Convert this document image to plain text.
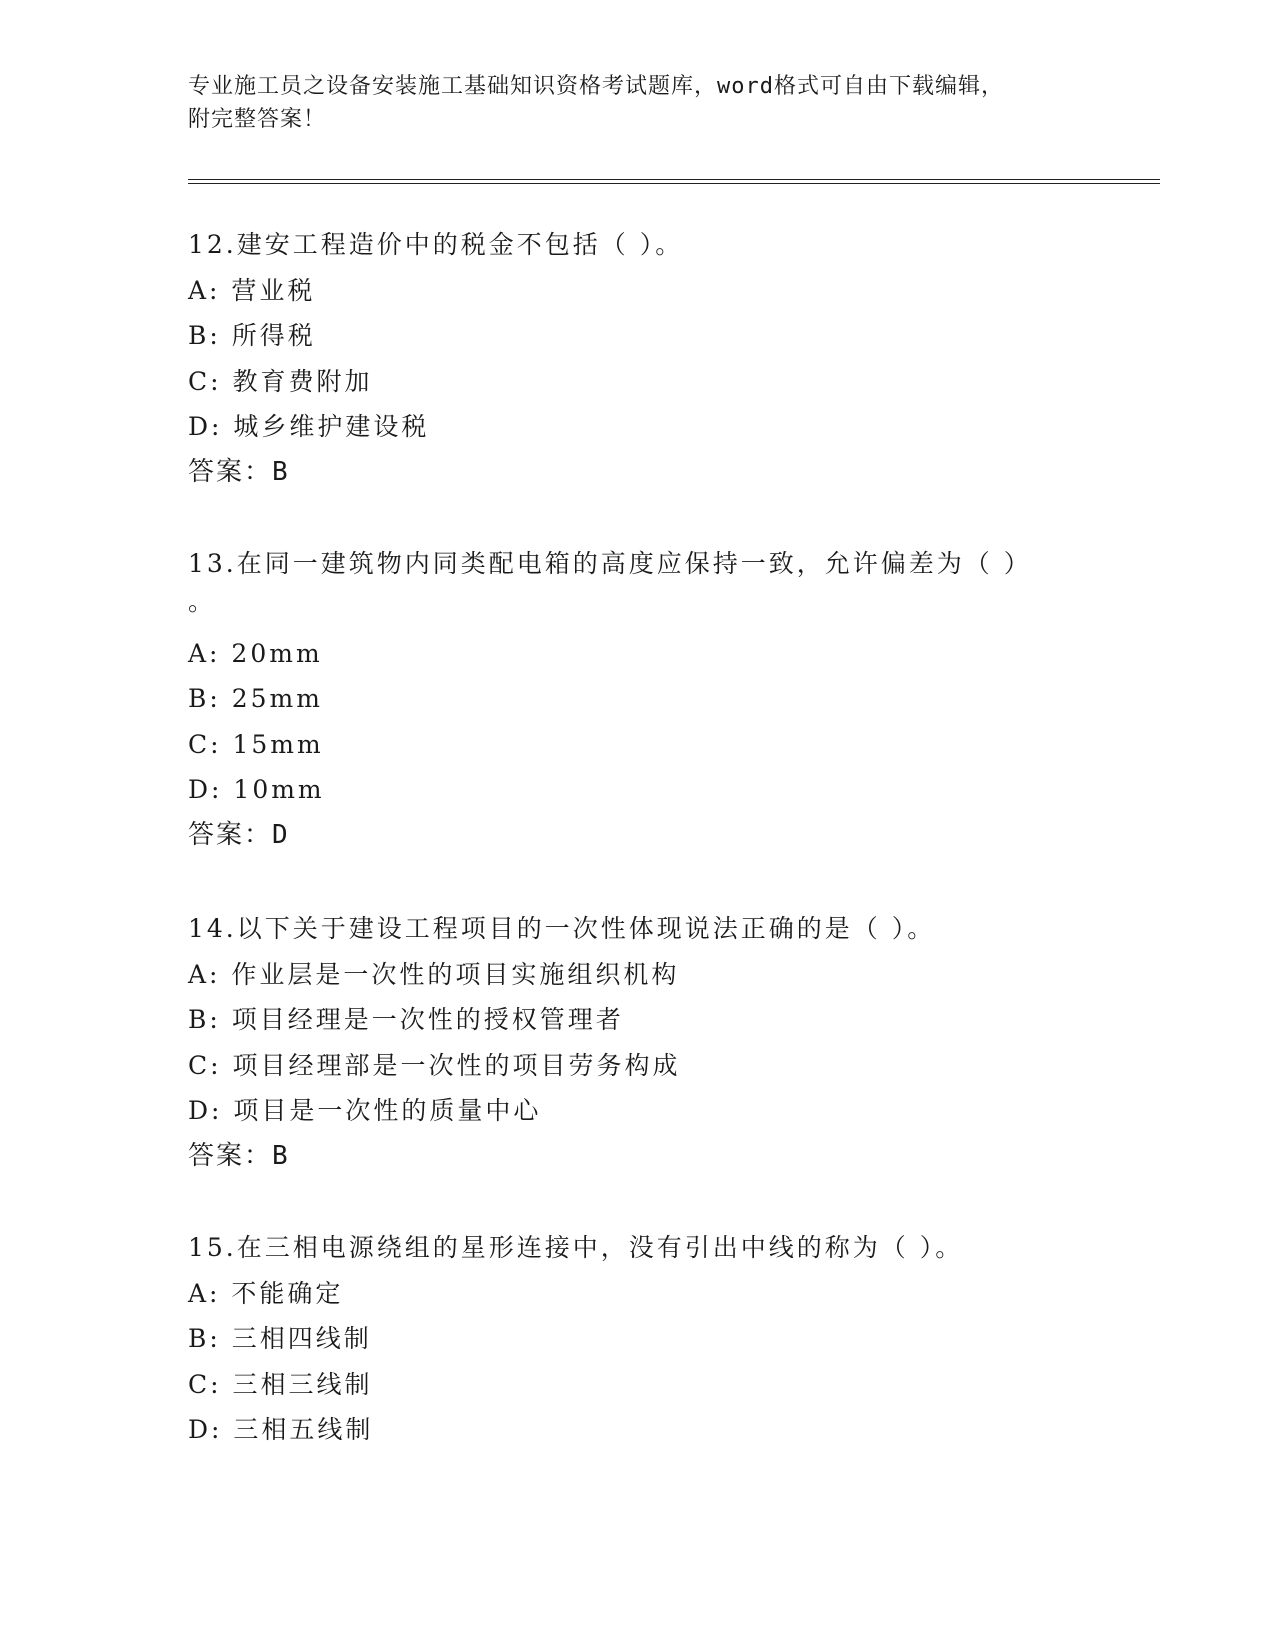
专业施工员之设备安装施工基础知识资格考试题库，word格式可自由下载编辑，
附完整答案！
12.建安工程造价中的税金不包括（ ）。
A: 营业税
B: 所得税
C: 教育费附加
D: 城乡维护建设税
答案：B
13.在同一建筑物内同类配电箱的高度应保持一致，允许偏差为（ ）
。
A: 20mm
B: 25mm
C: 15mm
D: 10mm
答案：D
14.以下关于建设工程项目的一次性体现说法正确的是（ ）。
A: 作业层是一次性的项目实施组织机构
B: 项目经理是一次性的授权管理者
C: 项目经理部是一次性的项目劳务构成
D: 项目是一次性的质量中心
答案：B
15.在三相电源绕组的星形连接中，没有引出中线的称为（ ）。
A: 不能确定
B: 三相四线制
C: 三相三线制
D: 三相五线制
